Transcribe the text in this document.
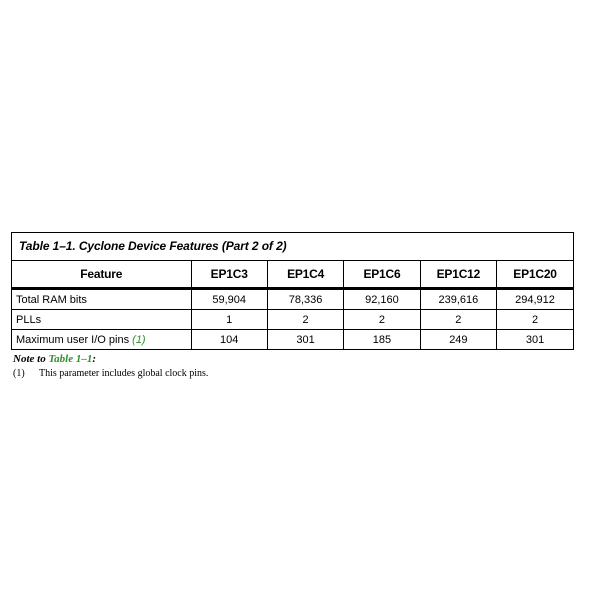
Table 1–1. Cyclone Device Features (Part 2 of 2)
Feature	EP1C3	EP1C4	EP1C6	EP1C12	EP1C20
Total RAM bits	59,904	78,336	92,160	239,616	294,912
PLLs	1	2	2	2	2
Maximum user I/O pins (1)	104	301	185	249	301
Note to Table 1–1:
(1) This parameter includes global clock pins.
